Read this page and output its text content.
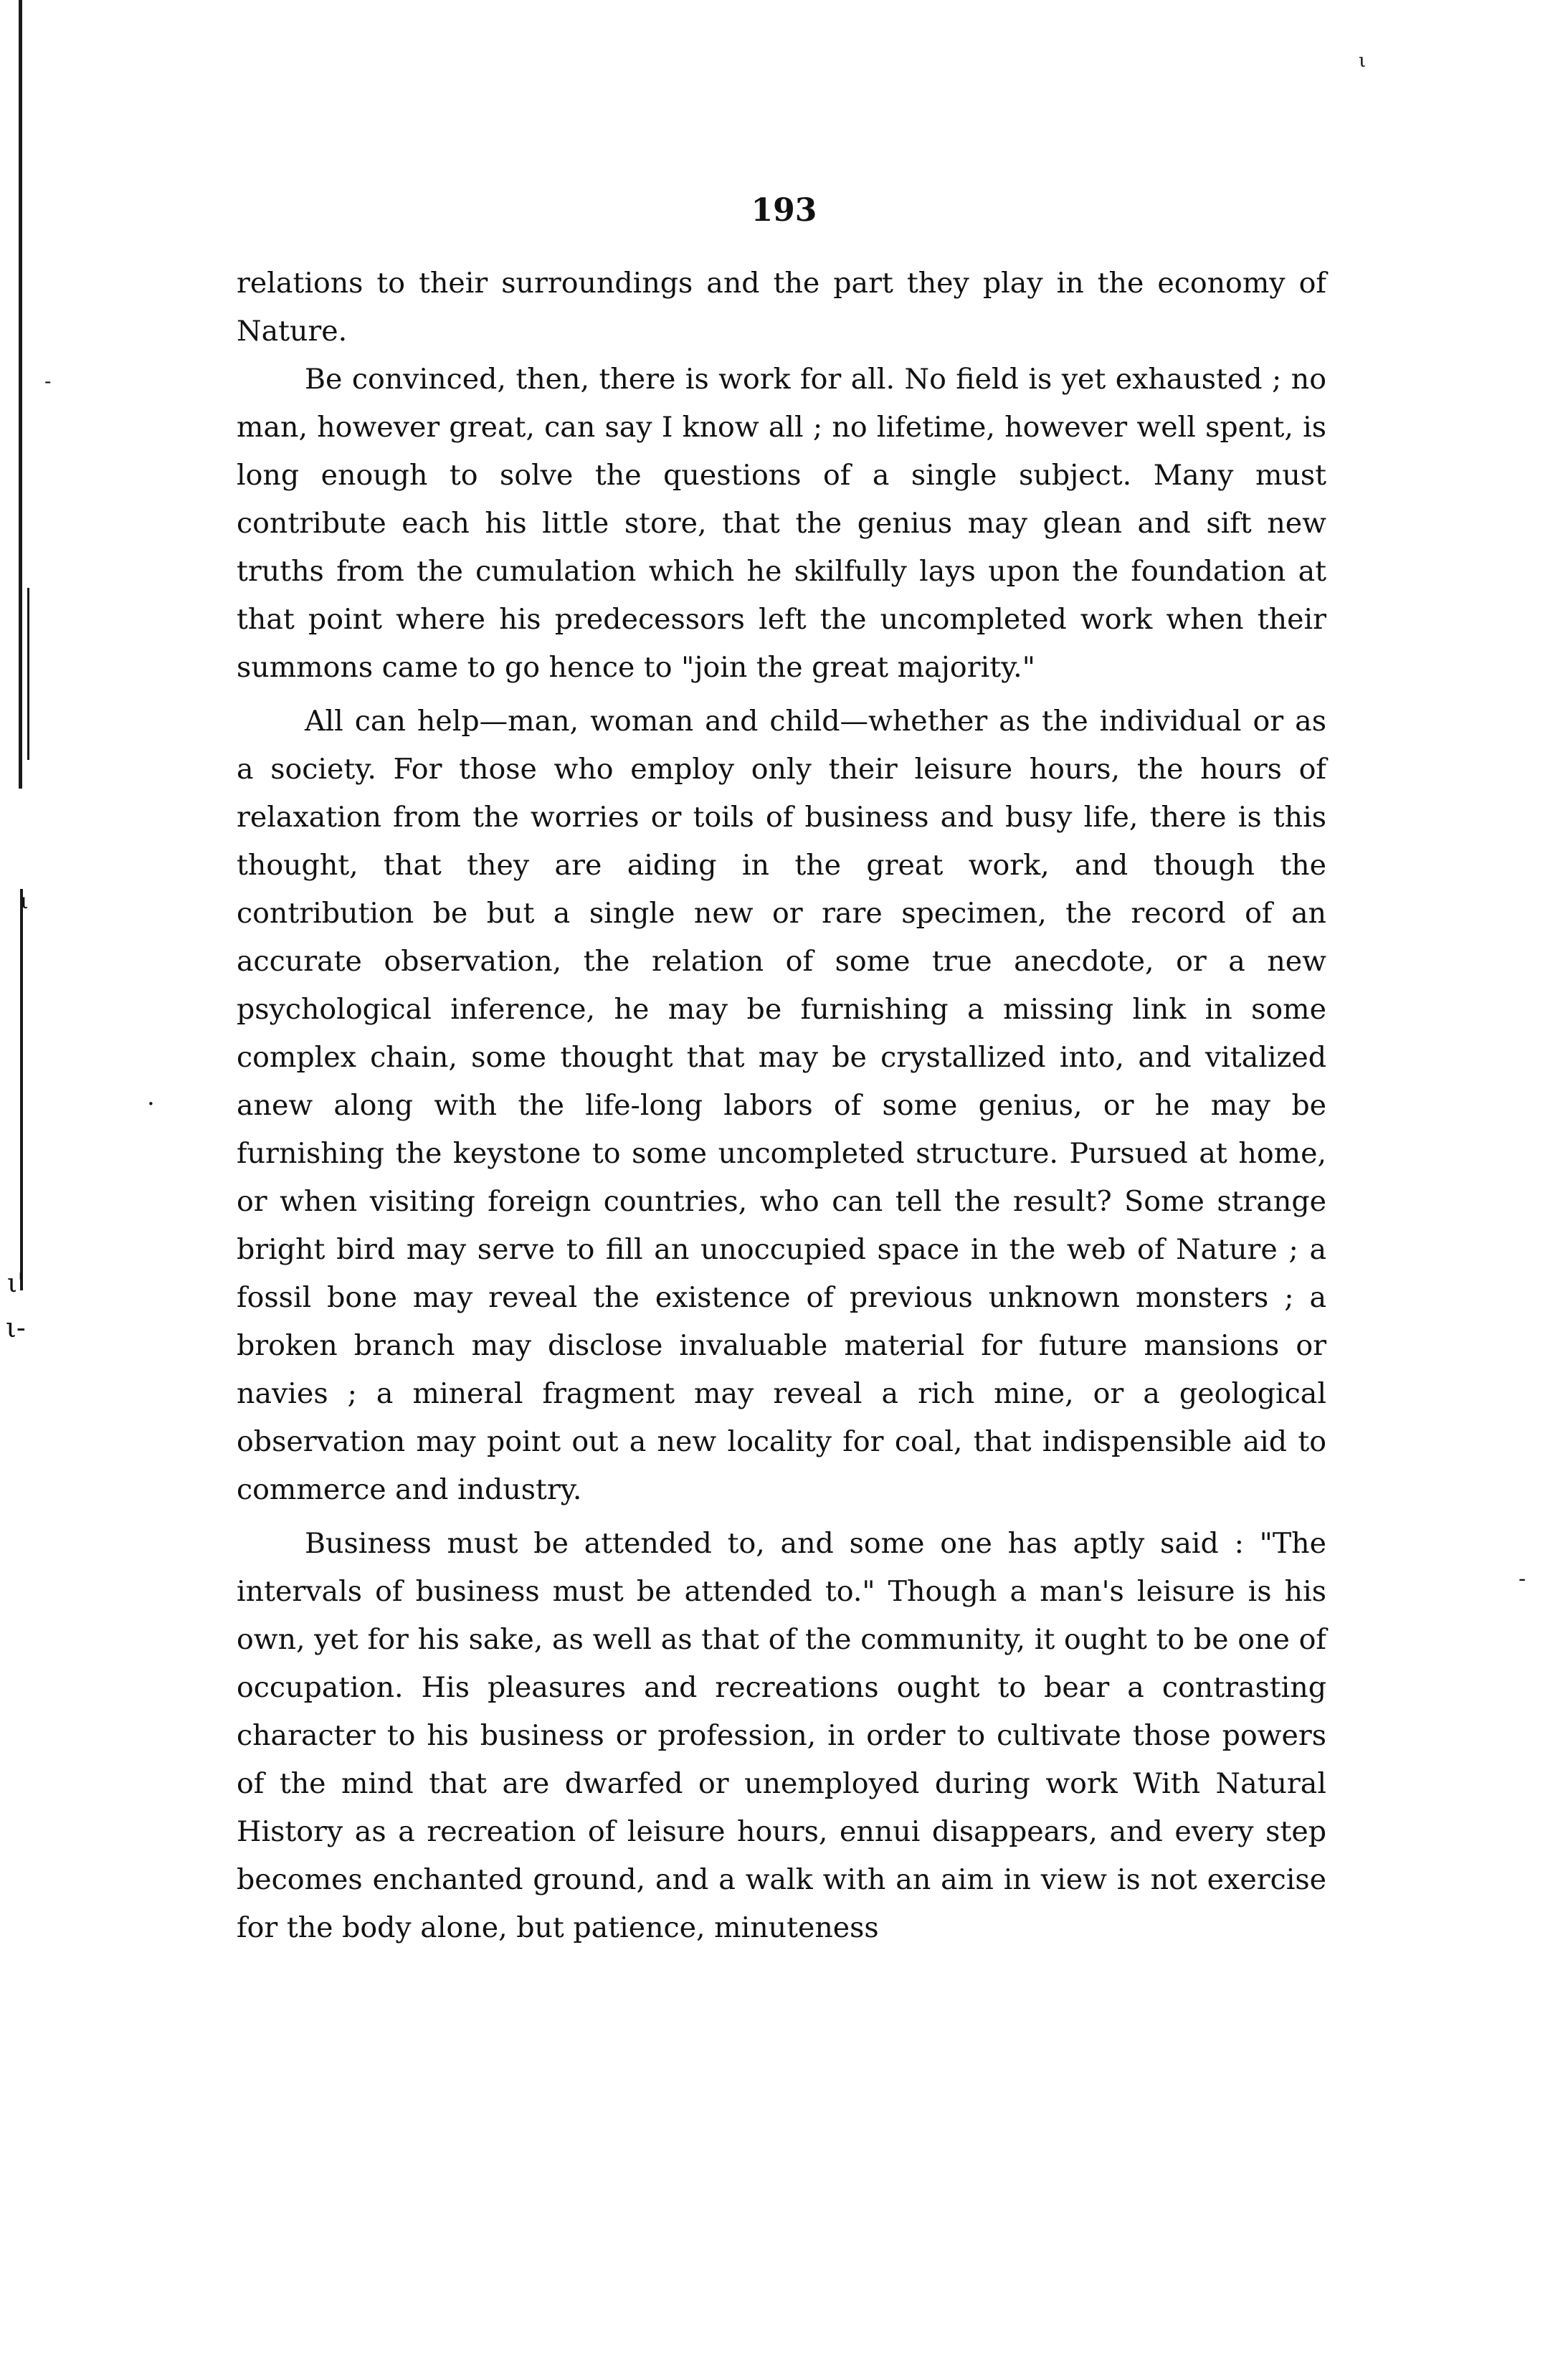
ι
-
ι
·
ι'
ι-
-
193

relations to their surroundings and the part they play in the economy of Nature.

Be convinced, then, there is work for all. No field is yet exhausted ; no man, however great, can say I know all ; no lifetime, however well spent, is long enough to solve the questions of a single subject. Many must contribute each his little store, that the genius may glean and sift new truths from the cumulation which he skilfully lays upon the foundation at that point where his predecessors left the uncompleted work when their summons came to go hence to "join the great majority."

All can help—man, woman and child—whether as the individual or as a society. For those who employ only their leisure hours, the hours of relaxation from the worries or toils of business and busy life, there is this thought, that they are aiding in the great work, and though the contribution be but a single new or rare specimen, the record of an accurate observation, the relation of some true anecdote, or a new psychological inference, he may be furnishing a missing link in some complex chain, some thought that may be crystallized into, and vitalized anew along with the life-long labors of some genius, or he may be furnishing the keystone to some uncompleted structure. Pursued at home, or when visiting foreign countries, who can tell the result? Some strange bright bird may serve to fill an unoccupied space in the web of Nature ; a fossil bone may reveal the existence of previous unknown monsters ; a broken branch may disclose invaluable material for future mansions or navies ; a mineral fragment may reveal a rich mine, or a geological observation may point out a new locality for coal, that indispensible aid to commerce and industry.

Business must be attended to, and some one has aptly said : "The intervals of business must be attended to." Though a man's leisure is his own, yet for his sake, as well as that of the community, it ought to be one of occupation. His pleasures and recreations ought to bear a contrasting character to his business or profession, in order to cultivate those powers of the mind that are dwarfed or unemployed during work With Natural History as a recreation of leisure hours, ennui disappears, and every step becomes enchanted ground, and a walk with an aim in view is not exercise for the body alone, but patience, minuteness
